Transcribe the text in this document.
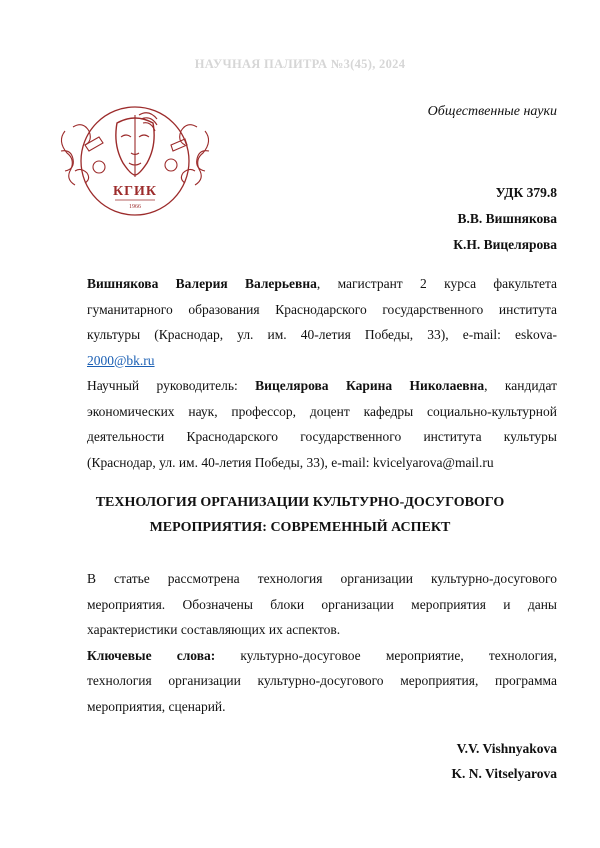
НАУЧНАЯ ПАЛИТРА №3(45), 2024
Общественные науки
КГИК
1966
УДК 379.8
В.В. Вишнякова
К.Н. Вицелярова
Вишнякова Валерия Валерьевна, магистрант 2 курса факультета
гуманитарного образования Краснодарского государственного института
культуры (Краснодар, ул. им. 40-летия Победы, 33), e-mail: eskova-
2000@bk.ru
Научный руководитель: Вицелярова Карина Николаевна, кандидат
экономических наук, профессор, доцент кафедры социально-культурной
деятельности Краснодарского государственного института культуры
(Краснодар, ул. им. 40-летия Победы, 33), e-mail: kvicelyarova@mail.ru
ТЕХНОЛОГИЯ ОРГАНИЗАЦИИ КУЛЬТУРНО-ДОСУГОВОГО
МЕРОПРИЯТИЯ: СОВРЕМЕННЫЙ АСПЕКТ
В статье рассмотрена технология организации культурно-досугового
мероприятия. Обозначены блоки организации мероприятия и даны
характеристики составляющих их аспектов.
Ключевые слова: культурно-досуговое мероприятие, технология,
технология организации культурно-досугового мероприятия, программа
мероприятия, сценарий.
V.V. Vishnyakova
K. N. Vitselyarova
